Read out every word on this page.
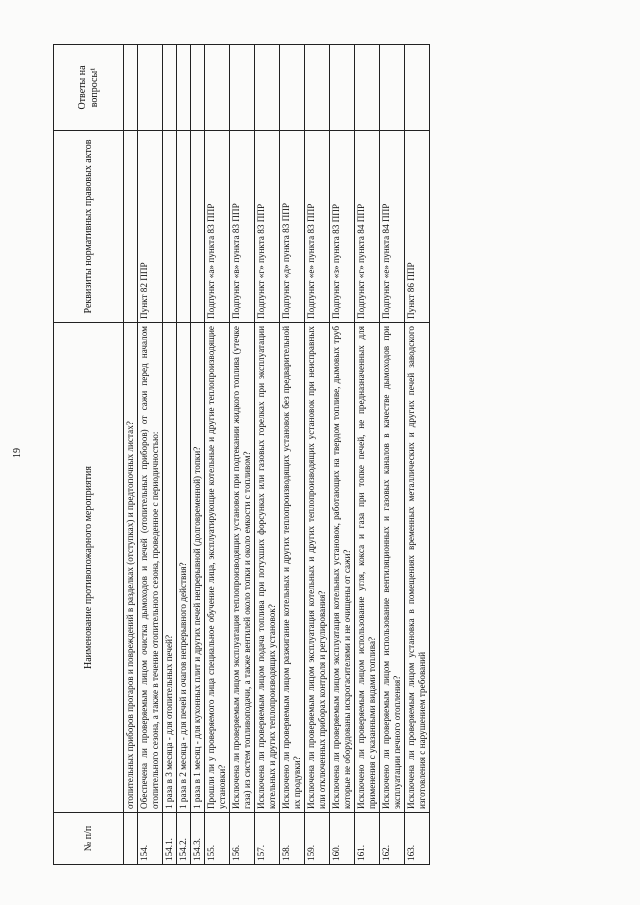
№ п/п	Наименование противопожарного мероприятия	Реквизиты нормативных правовых актов	Ответы на вопросы¹
	отопительных приборов прогаров и повреждений в разделках (отступках) и предтопочных листах?		
154.	Обеспечена ли проверяемым лицом очистка дымоходов и печей (отопительных приборов) от сажи перед началом отопительного сезона, а также в течение отопительного сезона, проведенное с периодичностью:	Пункт 82 ППР	
154.1.	1 раза в 3 месяца - для отопительных печей?		
154.2.	1 раза в 2 месяца - для печей и очагов непрерывного действия?		
154.3.	1 раза в 1 месяц - для кухонных плит и других печей непрерывной (долговременной) топки?		
155.	Прошли ли у проверяемого лица специальное обучение лица, эксплуатирующие котельные и другие теплопроизводящие установки?	Подпункт «а» пункта 83 ППР	
156.	Исключена ли проверяемым лицом эксплуатация теплопроизводящих установок при подтекании жидкого топлива (утечке газа) из систем топливоподачи, а также вентилей около топки и около емкости с топливом?	Подпункт «в» пункта 83 ППР	
157.	Исключена ли проверяемым лицом подача топлива при потухших форсунках или газовых горелках при эксплуатации котельных и других теплопроизводящих установок?	Подпункт «г» пункта 83 ППР	
158.	Исключено ли проверяемым лицом разжигание котельных и других теплопроизводящих установок без предварительной их продувки?	Подпункт «д» пункта 83 ППР	
159.	Исключена ли проверяемым лицом эксплуатация котельных и других теплопроизводящих установок при неисправных или отключенных приборах контроля и регулирования?	Подпункт «е» пункта 83 ППР	
160.	Исключена ли проверяемым лицом эксплуатация котельных установок, работающих на твердом топливе, дымовых труб которые не оборудованы искрогасителями и не очищены от сажи?	Подпункт «з» пункта 83 ППР	
161.	Исключено ли проверяемым лицом использование угля, кокса и газа при топке печей, не предназначенных для применения с указанными видами топлива?	Подпункт «г» пункта 84 ППР	
162.	Исключено ли проверяемым лицом использование вентиляционных и газовых каналов в качестве дымоходов при эксплуатации печного отопления?	Подпункт «е» пункта 84 ППР	
163.	Исключена ли проверяемым лицом установка в помещениях временных металлических и других печей заводского изготовления с нарушением требований	Пункт 86 ППР	
19
